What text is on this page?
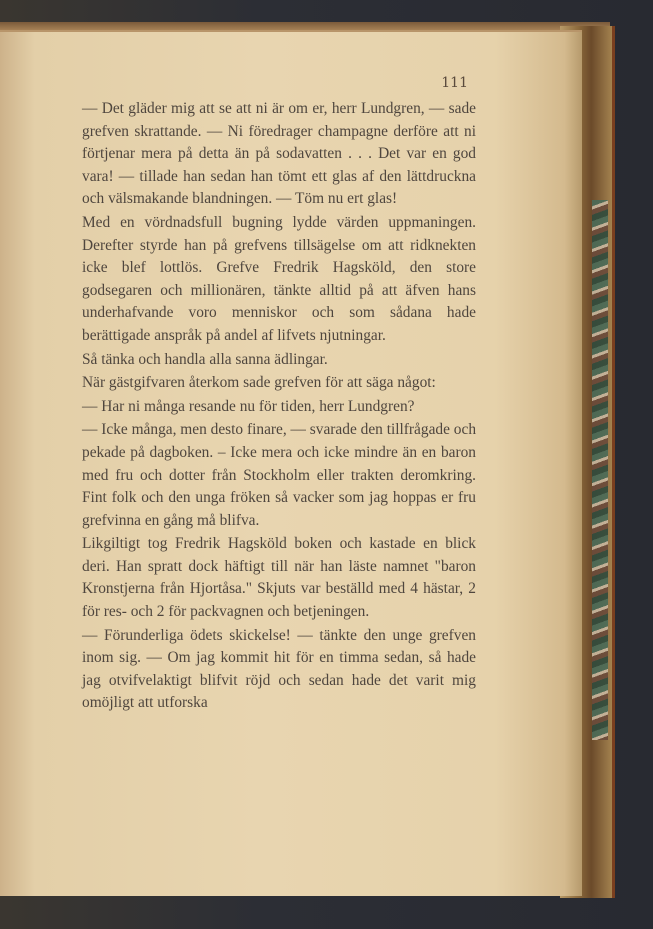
111

— Det gläder mig att se att ni är om er, herr Lundgren, — sade grefven skrattande. — Ni föredrager champagne derföre att ni förtjenar mera på detta än på sodavatten . . . Det var en god vara! — tillade han sedan han tömt ett glas af den lättdruckna och välsmakande blandningen. — Töm nu ert glas!

Med en vördnadsfull bugning lydde värden uppmaningen. Derefter styrde han på grefvens tillsägelse om att ridknekten icke blef lottlös. Grefve Fredrik Hagsköld, den store godsegaren och millionären, tänkte alltid på att äfven hans underhafvande voro menniskor och som sådana hade berättigade anspråk på andel af lifvets njutningar.

Så tänka och handla alla sanna ädlingar.

När gästgifvaren återkom sade grefven för att säga något:

— Har ni många resande nu för tiden, herr Lundgren?

— Icke många, men desto finare, — svarade den tillfrågade och pekade på dagboken. – Icke mera och icke mindre än en baron med fru och dotter från Stockholm eller trakten deromkring. Fint folk och den unga fröken så vacker som jag hoppas er fru grefvinna en gång må blifva.

Likgiltigt tog Fredrik Hagsköld boken och kastade en blick deri. Han spratt dock häftigt till när han läste namnet "baron Kronstjerna från Hjortåsa." Skjuts var beställd med 4 hästar, 2 för res- och 2 för packvagnen och betjeningen.

— Förunderliga ödets skickelse! — tänkte den unge grefven inom sig. — Om jag kommit hit för en timma sedan, så hade jag otvifvelaktigt blifvit röjd och sedan hade det varit mig omöjligt att utforska
